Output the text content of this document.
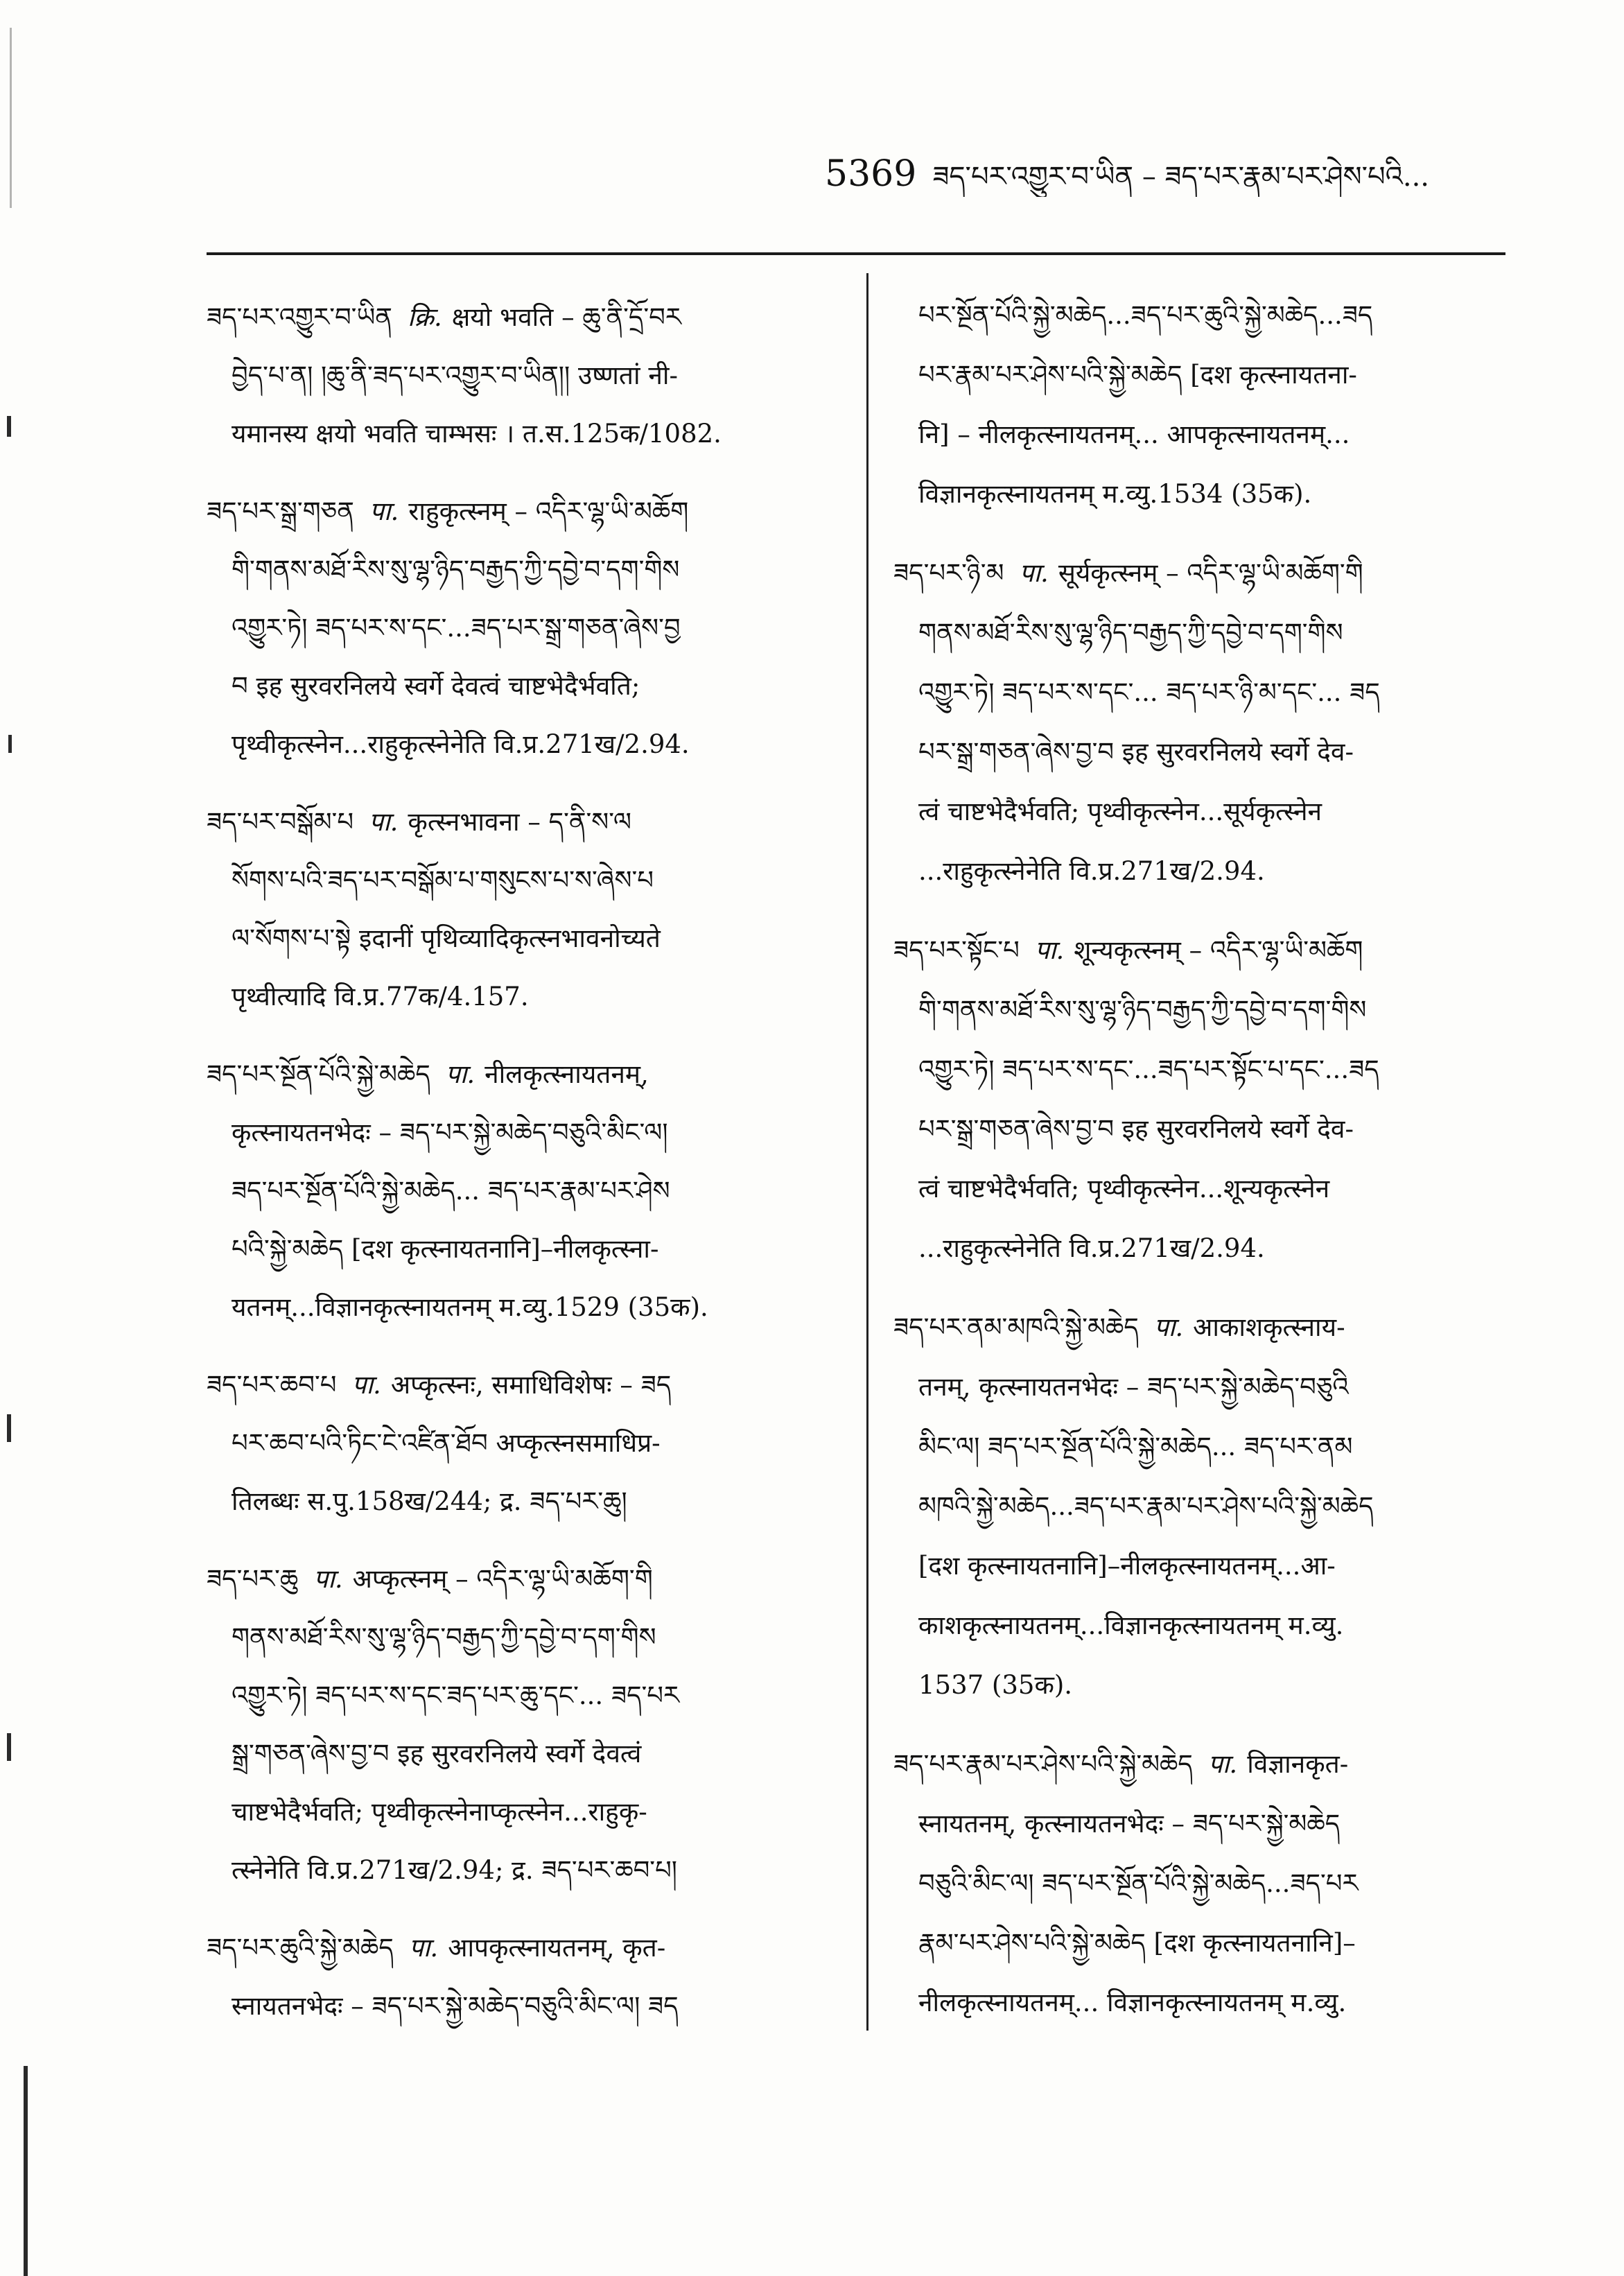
5369 ཟད་པར་འགྱུར་བ་ཡིན – ཟད་པར་རྣམ་པར་ཤེས་པའི...
ཟད་པར་འགྱུར་བ་ཡིན क्रि. क्षयो भवति – ཆུ་ནི་དྲོ་བར
བྱེད་པ་ན། །ཆུ་ནི་ཟད་པར་འགྱུར་བ་ཡིན།། उष्णतां नी-
यमानस्य क्षयो भवति चाम्भसः । त.स.125क/1082.
ཟད་པར་སྒྲ་གཅན पा. राहुकृत्स्नम् – འདིར་ལྷ་ཡི་མཆོག
གི་གནས་མཐོ་རིས་སུ་ལྷ་ཉིད་བརྒྱད་ཀྱི་དབྱེ་བ་དག་གིས
འགྱུར་ཏེ། ཟད་པར་ས་དང་...ཟད་པར་སྒྲ་གཅན་ཞེས་བྱ
བ इह सुरवरनिलये स्वर्गे देवत्वं चाष्टभेदैर्भवति;
पृथ्वीकृत्स्नेन...राहुकृत्स्नेनेति वि.प्र.271ख/2.94.
ཟད་པར་བསྒོམ་པ पा. कृत्स्नभावना – ད་ནི་ས་ལ
སོགས་པའི་ཟད་པར་བསྒོམ་པ་གསུངས་པ་ས་ཞེས་པ
ལ་སོགས་པ་སྟེ इदानीं पृथिव्यादिकृत्स्नभावनोच्यते
पृथ्वीत्यादि वि.प्र.77क/4.157.
ཟད་པར་སྔོན་པོའི་སྐྱེ་མཆེད पा. नीलकृत्स्नायतनम्,
कृत्स्नायतनभेदः – ཟད་པར་སྐྱེ་མཆེད་བཅུའི་མིང་ལ།
ཟད་པར་སྔོན་པོའི་སྐྱེ་མཆེད... ཟད་པར་རྣམ་པར་ཤེས
པའི་སྐྱེ་མཆེད [दश कृत्स्नायतनानि]–नीलकृत्स्ना-
यतनम्...विज्ञानकृत्स्नायतनम् म.व्यु.1529 (35क).
ཟད་པར་ཆབ་པ पा. अप्कृत्स्नः, समाधिविशेषः – ཟད
པར་ཆབ་པའི་ཏིང་ངེ་འཛིན་ཐོབ अप्कृत्स्नसमाधिप्र-
तिलब्धः स.पु.158ख/244; द्र. ཟད་པར་ཆུ།
ཟད་པར་ཆུ पा. अप्कृत्स्नम् – འདིར་ལྷ་ཡི་མཆོག་གི
གནས་མཐོ་རིས་སུ་ལྷ་ཉིད་བརྒྱད་ཀྱི་དབྱེ་བ་དག་གིས
འགྱུར་ཏེ། ཟད་པར་ས་དང་ཟད་པར་ཆུ་དང་... ཟད་པར
སྒྲ་གཅན་ཞེས་བྱ་བ इह सुरवरनिलये स्वर्गे देवत्वं
चाष्टभेदैर्भवति; पृथ्वीकृत्स्नेनाप्कृत्स्नेन...राहुकृ-
त्स्नेनेति वि.प्र.271ख/2.94; द्र. ཟད་པར་ཆབ་པ།
ཟད་པར་ཆུའི་སྐྱེ་མཆེད पा. आपकृत्स्नायतनम्, कृत-
स्नायतनभेदः – ཟད་པར་སྐྱེ་མཆེད་བཅུའི་མིང་ལ། ཟད
པར་སྔོན་པོའི་སྐྱེ་མཆེད...ཟད་པར་ཆུའི་སྐྱེ་མཆེད...ཟད
པར་རྣམ་པར་ཤེས་པའི་སྐྱེ་མཆེད [दश कृत्स्नायतना-
नि] – नीलकृत्स्नायतनम्... आपकृत्स्नायतनम्...
विज्ञानकृत्स्नायतनम् म.व्यु.1534 (35क).
ཟད་པར་ཉི་མ पा. सूर्यकृत्स्नम् – འདིར་ལྷ་ཡི་མཆོག་གི
གནས་མཐོ་རིས་སུ་ལྷ་ཉིད་བརྒྱད་ཀྱི་དབྱེ་བ་དག་གིས
འགྱུར་ཏེ། ཟད་པར་ས་དང་... ཟད་པར་ཉི་མ་དང་... ཟད
པར་སྒྲ་གཅན་ཞེས་བྱ་བ इह सुरवरनिलये स्वर्गे देव-
त्वं चाष्टभेदैर्भवति; पृथ्वीकृत्स्नेन...सूर्यकृत्स्नेन
...राहुकृत्स्नेनेति वि.प्र.271ख/2.94.
ཟད་པར་སྟོང་པ पा. शून्यकृत्स्नम् – འདིར་ལྷ་ཡི་མཆོག
གི་གནས་མཐོ་རིས་སུ་ལྷ་ཉིད་བརྒྱད་ཀྱི་དབྱེ་བ་དག་གིས
འགྱུར་ཏེ། ཟད་པར་ས་དང་...ཟད་པར་སྟོང་པ་དང་...ཟད
པར་སྒྲ་གཅན་ཞེས་བྱ་བ इह सुरवरनिलये स्वर्गे देव-
त्वं चाष्टभेदैर्भवति; पृथ्वीकृत्स्नेन...शून्यकृत्स्नेन
...राहुकृत्स्नेनेति वि.प्र.271ख/2.94.
ཟད་པར་ནམ་མཁའི་སྐྱེ་མཆེད पा. आकाशकृत्स्नाय-
तनम्, कृत्स्नायतनभेदः – ཟད་པར་སྐྱེ་མཆེད་བཅུའི
མིང་ལ། ཟད་པར་སྔོན་པོའི་སྐྱེ་མཆེད... ཟད་པར་ནམ
མཁའི་སྐྱེ་མཆེད...ཟད་པར་རྣམ་པར་ཤེས་པའི་སྐྱེ་མཆེད
[दश कृत्स्नायतनानि]–नीलकृत्स्नायतनम्...आ-
काशकृत्स्नायतनम्...विज्ञानकृत्स्नायतनम् म.व्यु.
1537 (35क).
ཟད་པར་རྣམ་པར་ཤེས་པའི་སྐྱེ་མཆེད पा. विज्ञानकृत-
स्नायतनम्, कृत्स्नायतनभेदः – ཟད་པར་སྐྱེ་མཆེད
བཅུའི་མིང་ལ། ཟད་པར་སྔོན་པོའི་སྐྱེ་མཆེད...ཟད་པར
རྣམ་པར་ཤེས་པའི་སྐྱེ་མཆེད [दश कृत्स्नायतनानि]–
नीलकृत्स्नायतनम्... विज्ञानकृत्स्नायतनम् म.व्यु.
